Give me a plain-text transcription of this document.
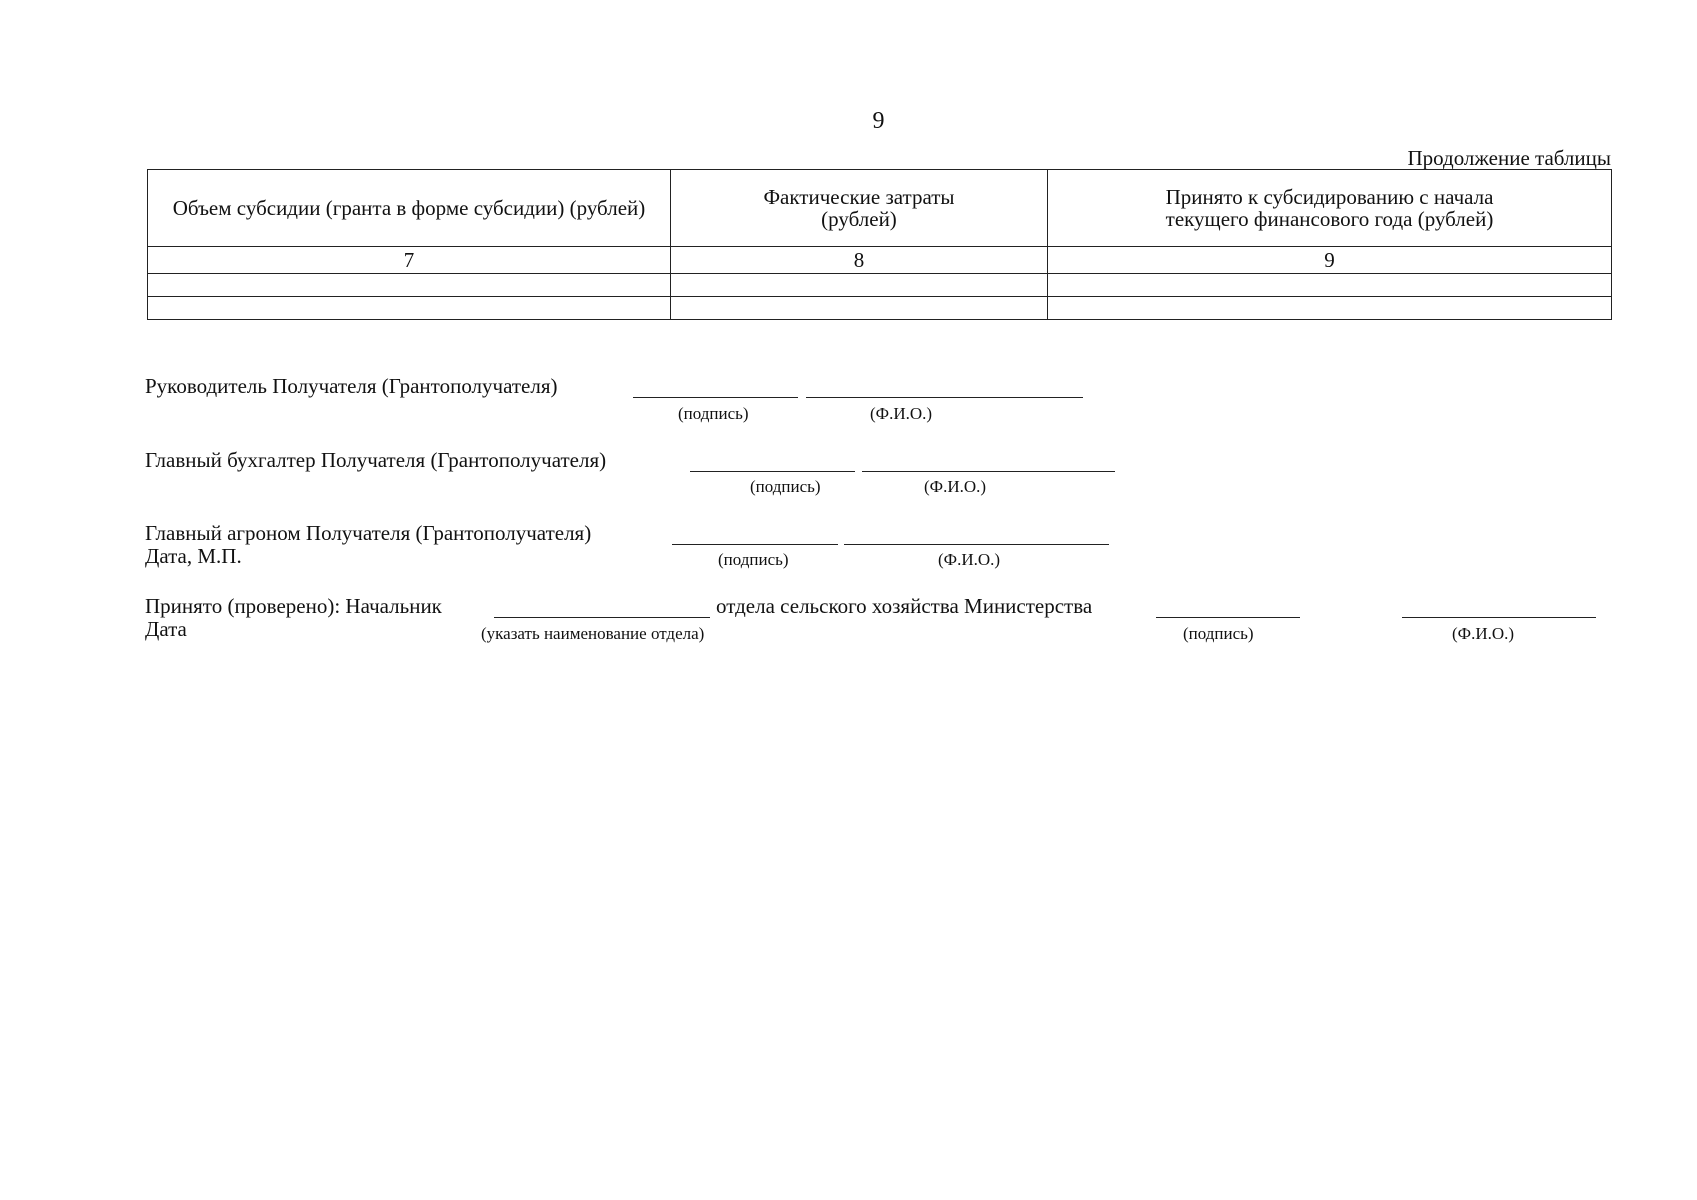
9
Продолжение таблицы
Объем субсидии (гранта в форме субсидии) (рублей)	Фактические затраты (рублей)	Принято к субсидированию с начала текущего финансового года (рублей)
7	8	9

Руководитель Получателя (Грантополучателя)
(подпись)	(Ф.И.О.)
Главный бухгалтер Получателя (Грантополучателя)
(подпись)	(Ф.И.О.)
Главный агроном Получателя (Грантополучателя)
Дата, М.П.	(подпись)	(Ф.И.О.)
Принято (проверено): Начальник	отдела сельского хозяйства Министерства
Дата	(указать наименование отдела)	(подпись)	(Ф.И.О.)
